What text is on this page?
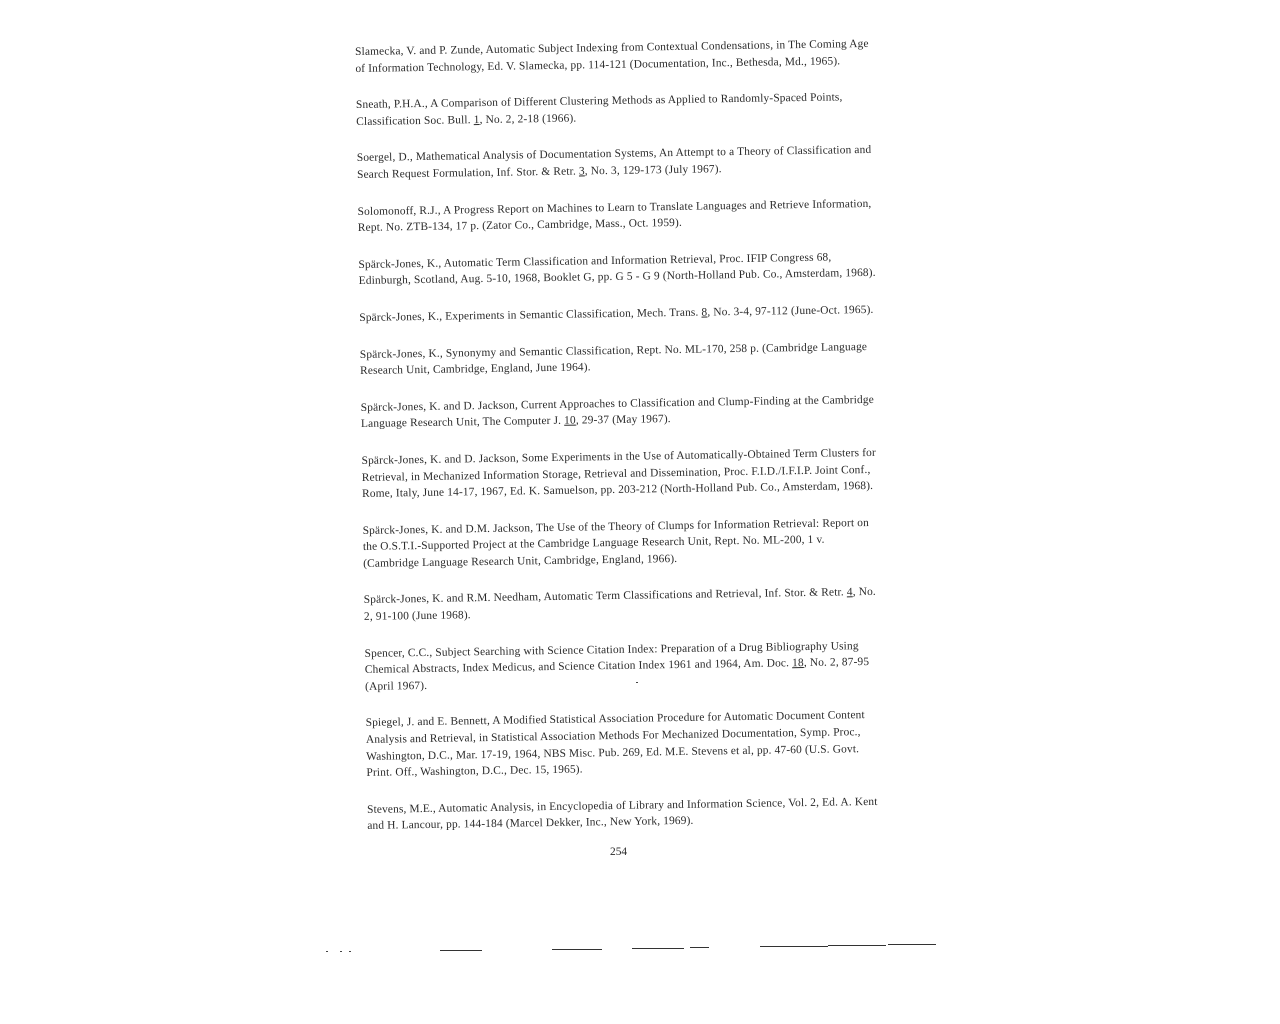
Slamecka, V. and P. Zunde, Automatic Subject Indexing from Contextual Condensations, in The Coming Age of Information Technology, Ed. V. Slamecka, pp. 114-121 (Documentation, Inc., Bethesda, Md., 1965).

Sneath, P.H.A., A Comparison of Different Clustering Methods as Applied to Randomly-Spaced Points, Classification Soc. Bull. 1, No. 2, 2-18 (1966).

Soergel, D., Mathematical Analysis of Documentation Systems, An Attempt to a Theory of Classification and Search Request Formulation, Inf. Stor. & Retr. 3, No. 3, 129-173 (July 1967).

Solomonoff, R.J., A Progress Report on Machines to Learn to Translate Languages and Retrieve Information, Rept. No. ZTB-134, 17 p. (Zator Co., Cambridge, Mass., Oct. 1959).

Spärck-Jones, K., Automatic Term Classification and Information Retrieval, Proc. IFIP Congress 68, Edinburgh, Scotland, Aug. 5-10, 1968, Booklet G, pp. G 5 - G 9 (North-Holland Pub. Co., Amsterdam, 1968).

Spärck-Jones, K., Experiments in Semantic Classification, Mech. Trans. 8, No. 3-4, 97-112 (June-Oct. 1965).

Spärck-Jones, K., Synonymy and Semantic Classification, Rept. No. ML-170, 258 p. (Cambridge Language Research Unit, Cambridge, England, June 1964).

Spärck-Jones, K. and D. Jackson, Current Approaches to Classification and Clump-Finding at the Cambridge Language Research Unit, The Computer J. 10, 29-37 (May 1967).

Spärck-Jones, K. and D. Jackson, Some Experiments in the Use of Automatically-Obtained Term Clusters for Retrieval, in Mechanized Information Storage, Retrieval and Dissemination, Proc. F.I.D./I.F.I.P. Joint Conf., Rome, Italy, June 14-17, 1967, Ed. K. Samuelson, pp. 203-212 (North-Holland Pub. Co., Amsterdam, 1968).

Spärck-Jones, K. and D.M. Jackson, The Use of the Theory of Clumps for Information Retrieval: Report on the O.S.T.I.-Supported Project at the Cambridge Language Research Unit, Rept. No. ML-200, 1 v. (Cambridge Language Research Unit, Cambridge, England, 1966).

Spärck-Jones, K. and R.M. Needham, Automatic Term Classifications and Retrieval, Inf. Stor. & Retr. 4, No. 2, 91-100 (June 1968).

Spencer, C.C., Subject Searching with Science Citation Index: Preparation of a Drug Bibliography Using Chemical Abstracts, Index Medicus, and Science Citation Index 1961 and 1964, Am. Doc. 18, No. 2, 87-95 (April 1967).

Spiegel, J. and E. Bennett, A Modified Statistical Association Procedure for Automatic Document Content Analysis and Retrieval, in Statistical Association Methods For Mechanized Documentation, Symp. Proc., Washington, D.C., Mar. 17-19, 1964, NBS Misc. Pub. 269, Ed. M.E. Stevens et al, pp. 47-60 (U.S. Govt. Print. Off., Washington, D.C., Dec. 15, 1965).

Stevens, M.E., Automatic Analysis, in Encyclopedia of Library and Information Science, Vol. 2, Ed. A. Kent and H. Lancour, pp. 144-184 (Marcel Dekker, Inc., New York, 1969).

254
